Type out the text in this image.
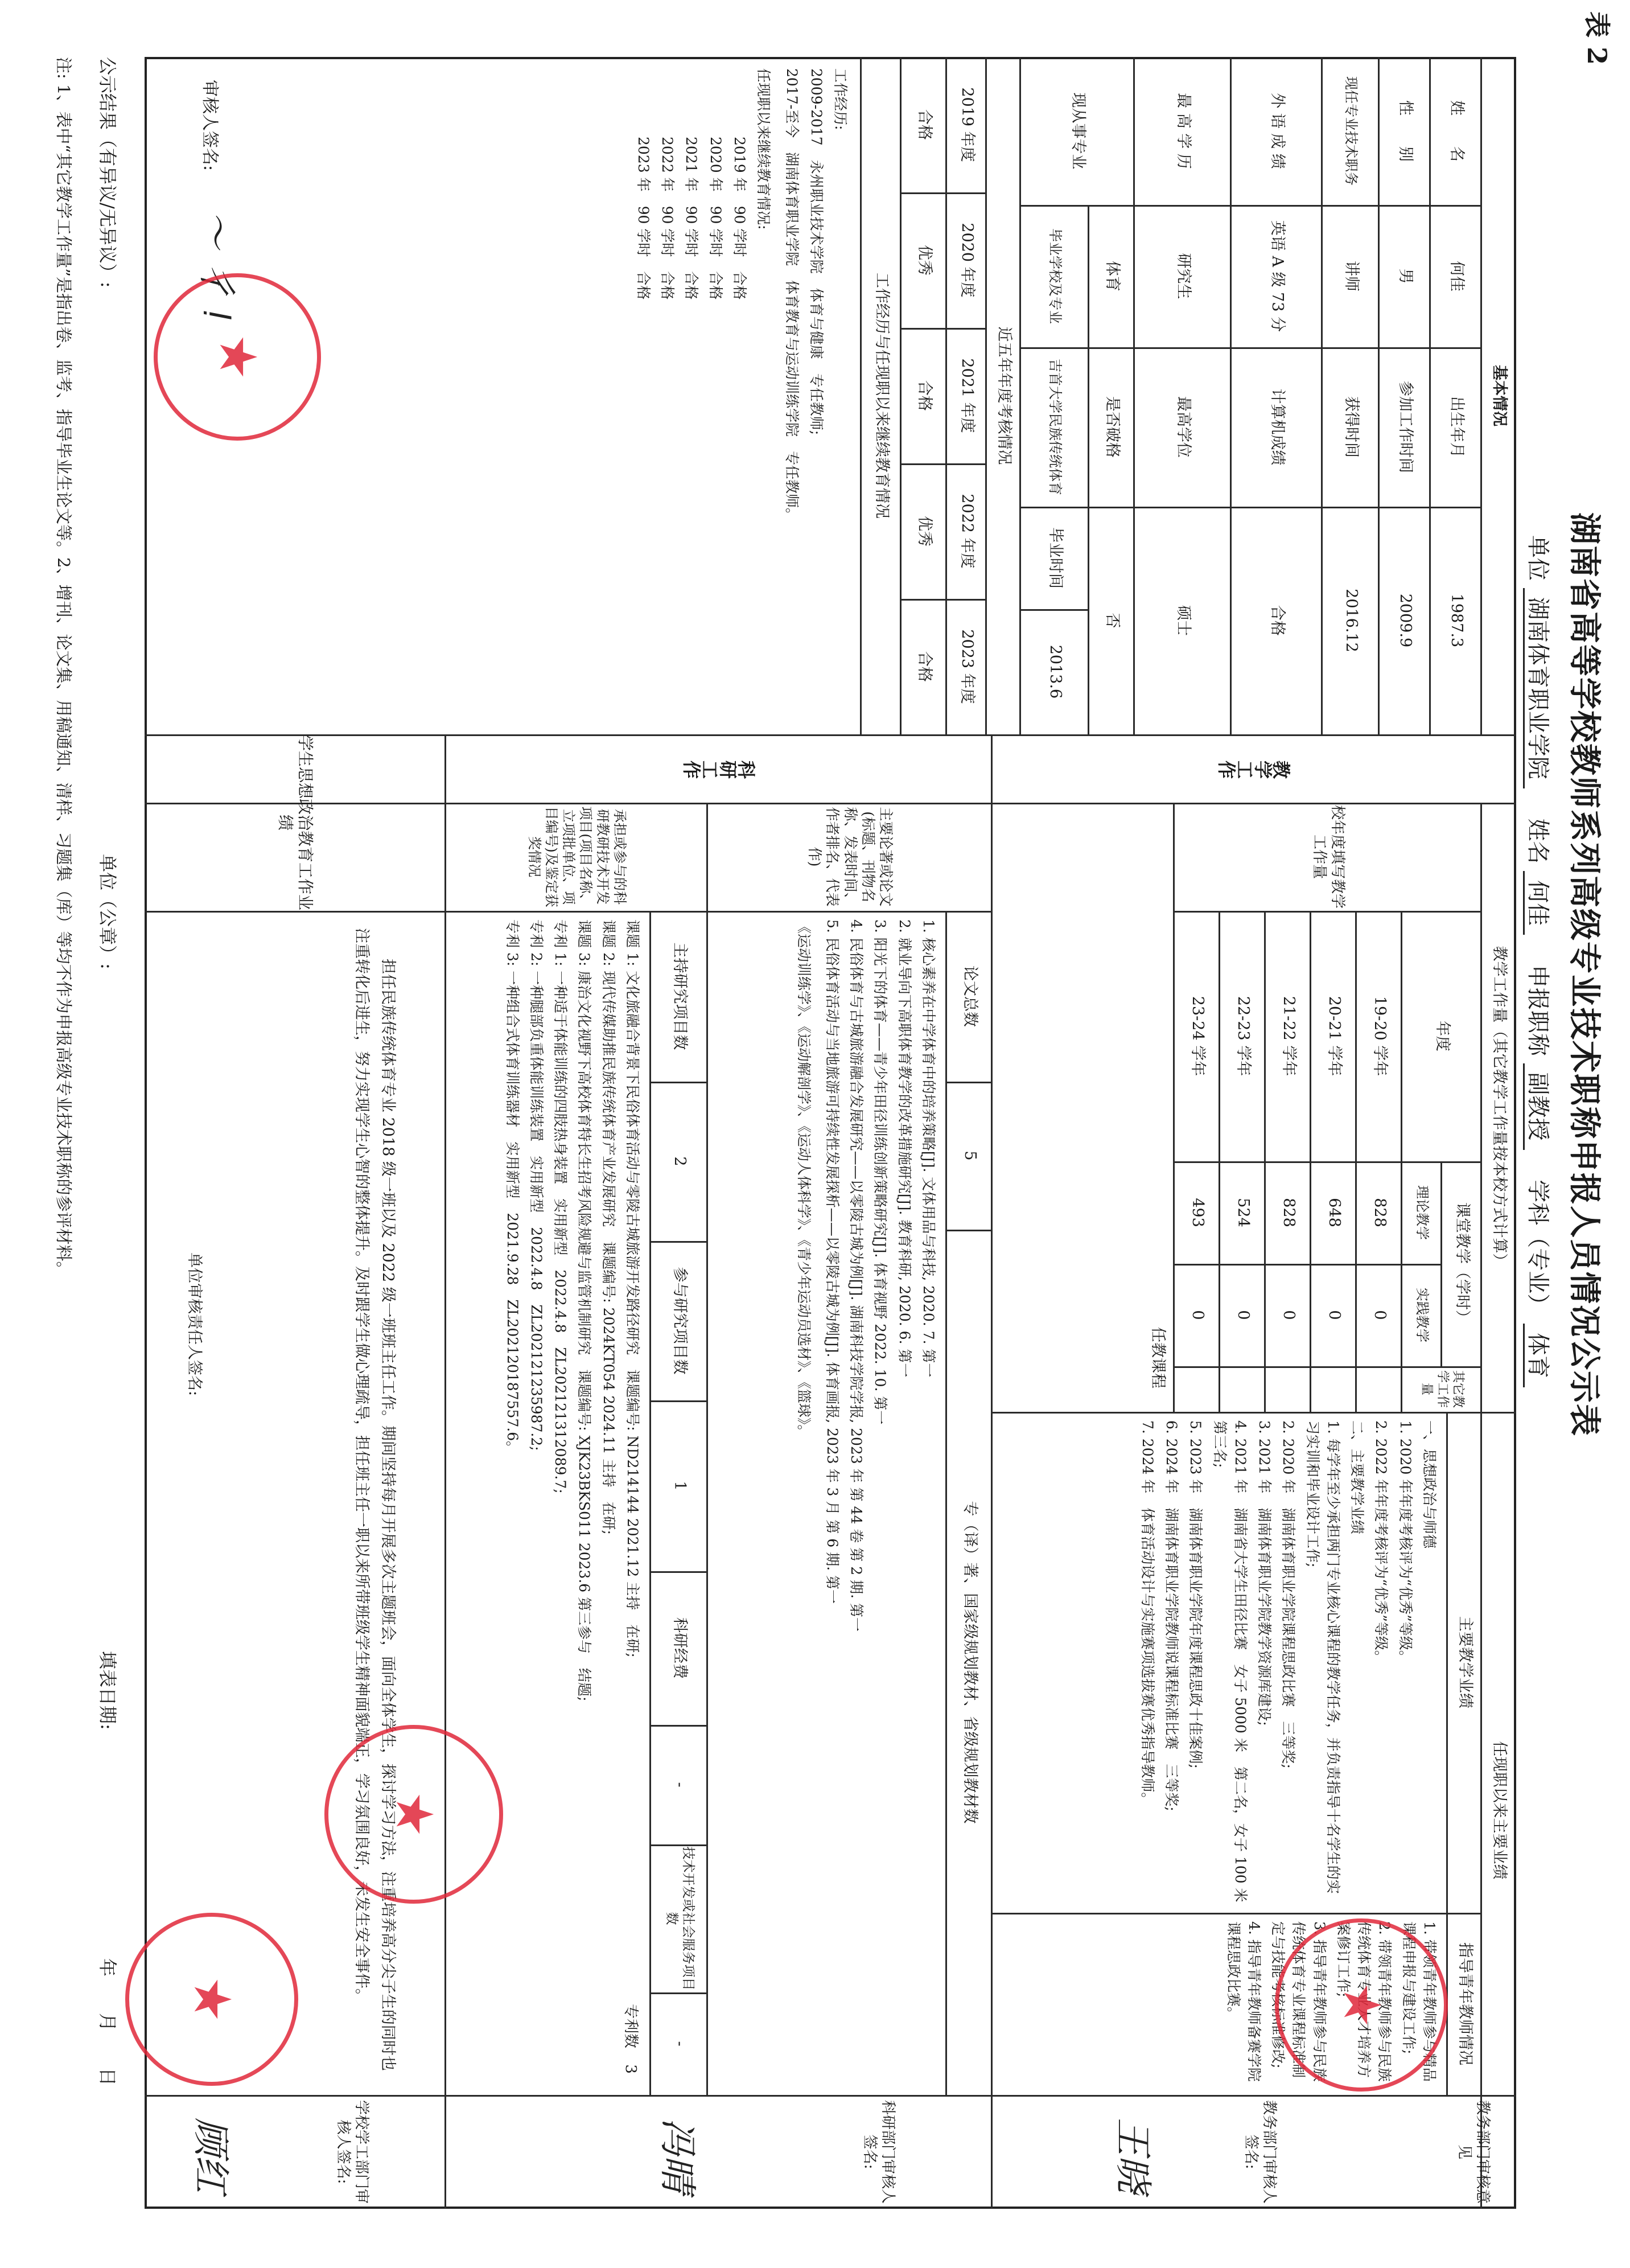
表 2
湖南省高等学校教师系列高级专业技术职称申报人员情况公示表
单位 湖南体育职业学院 姓名 何佳 申报职称 副教授 学科（专业） 体育
基本情况
姓　　名
何佳
出生年月
1987.3
性　　别
男
参加工作时间
2009.9
现任专业技术职务
讲师
获得时间
2016.12
外 语 成 绩
英语 A 级 73 分
计算机成绩
合格
最 高 学 历
研究生
最高学位
硕士
现从事专业
体育
是否破格
否
毕业学校及专业
吉首大学民族传统体育
毕业时间
2013.6
近五年年度考核情况
2019 年度
2020 年度
2021 年度
2022 年度
2023 年度
合格
优秀
合格
优秀
合格
工作经历与任现职以来继续教育情况

工作经历:

2009-2017　永州职业技术学院　体育与健康　专任教师;

2017-至今　湖南体育职业学院　体育教育与运动训练学院　专任教师。

任现职以来继续教育情况:

2019 年　90 学时　合格

2020 年　90 学时　合格

2021 年　90 学时　合格

2022 年　90 学时　合格

2023 年　90 学时　合格

审核人签名:
〜 彳 ǃ
教学工作
科研工作
学生思想政治教育工作业绩
任现职以来主要业绩
教学工作量（其它教学工作量按本校方式计算）
校年度填写教学工作量
年度
课堂教学（学时）
理论教学
实践教学
其它教学工作量
19-20 学年
828
0
20-21 学年
648
0
21-22 学年
828
0
22-23 学年
524
0
23-24 学年
493
0
主要教学业绩
指导青年教师情况

一、思想政治与师德

1. 2020 年年度考核评为“优秀”等级。

2. 2022 年年度考核评为“优秀”等级。

二、主要教学业绩

1. 每学年至少承担两门专业核心课程的教学任务，并负责指导十名学生的实习实训和毕业设计工作;

2. 2020 年　湖南体育职业学院课程思政比赛　三等奖;

3. 2021 年　湖南体育职业学院教学资源库建设;

4. 2021 年　湖南省大学生田径比赛　女子 5000 米　第二名，女子 100 米　第三名;

5. 2023 年　湖南体育职业学院年度课程思政十佳案例;

6. 2024 年　湖南体育职业学院教师说课程标准比赛　三等奖;

7. 2024 年　体育活动设计与实施赛项选拔赛优秀指导教师。

任教课程

1. 带领青年教师参与精品课程申报与建设工作;

2. 带领青年教师参与民族传统体育专业人才培养方案修订工作;

3. 指导青年教师参与民族传统体育专业课程标准制定与技能考核标准修改;

4. 指导青年教师备赛学院课程思政比赛。

教务部门审核意见
教务部门审核人签名:
王晓
主要论著或论文(标题、刊物名称、发表时间、作者排名、代表作)
承担或参与的科研教研技术开发项目(项目名称、立项批单位、项目编号)及鉴定获奖情况
论文总数
5
专（译）著、国家级规划教材、省级规划教材数

1. 核心素养在中学体育中的培养策略[J]. 文体用品与科技, 2020. 7. 第一

2. 就业导向下高职体育教学的改革措施研究[J]. 教育科研, 2020. 6. 第一

3. 阳光下的体育——青少年田径训练创新策略研究[J]. 体育视野 2022. 10. 第一

4. 民俗体育与古城旅游融合发展研究——以零陵古城为例[J]. 湖南科技学院学报, 2023 年 第 44 卷 第 2 期. 第一

5. 民俗体育活动与当地旅游可持续性发展探析——以零陵古城为例[J]. 体育画报, 2023 年 3 月 第 6 期. 第一

《运动训练学》、《运动解剖学》、《运动人体科学》、《青少年运动员选材》、《篮球》。

主持研究项目数
2
参与研究项目数
1
科研经费
-
技术开发或社会服务项目数
-

课题 1: 文化旅融合背景下民俗体育活动与零陵古城旅游开发路径研究　课题编号: ND214144 2021.12 主持　在研;

课题 2: 现代传媒助推民族传统体育产业发展研究　课题编号: 2024KT054 2024.11 主持　在研;

课题 3: 康治文化视野下高校体育特长生招考风险规避与监管机制研究　课题编号: XJK23BKS011 2023.6 第三参与　结题;

专利 1: 一种适于体能训练的四肢热身装置　实用新型　2022.4.8　ZL202121312089.7;

专利 2: 一种腿部负重体能训练装置　实用新型　2022.4.8　ZL202121235987.2;

专利 3: 一种组合式体育训练器材　实用新型　2021.9.28　ZL202120187557.6。

专利数 3
科研部门审核人签名:
冯晴

担任民族传统体育专业 2018 级一班以及 2022 级一班班主任工作。期间坚持每月开展多次主题班会，面向全体学生，探讨学习方法，注重培养高分尖子生的同时也注重转化后进生，努力实现学生心智的整体提升。及时跟学生做心理疏导，担任班主任一职以来所带班级学生精神面貌端正，学习氛围良好，未发生安全事件。

单位审核责任人签名:
学校学工部门审核人签名:
顾红
公示结果（有异议/无异议）:
单位（公章）:
填表日期:
年　　月　　日
注: 1、表中“其它教学工作量”是指出卷、监考、指导毕业生论文等。2、增刊、论文集、用稿通知、清样、习题集（库）等均不作为申报高级专业技术职称的参评材料。	★
★
★
★
